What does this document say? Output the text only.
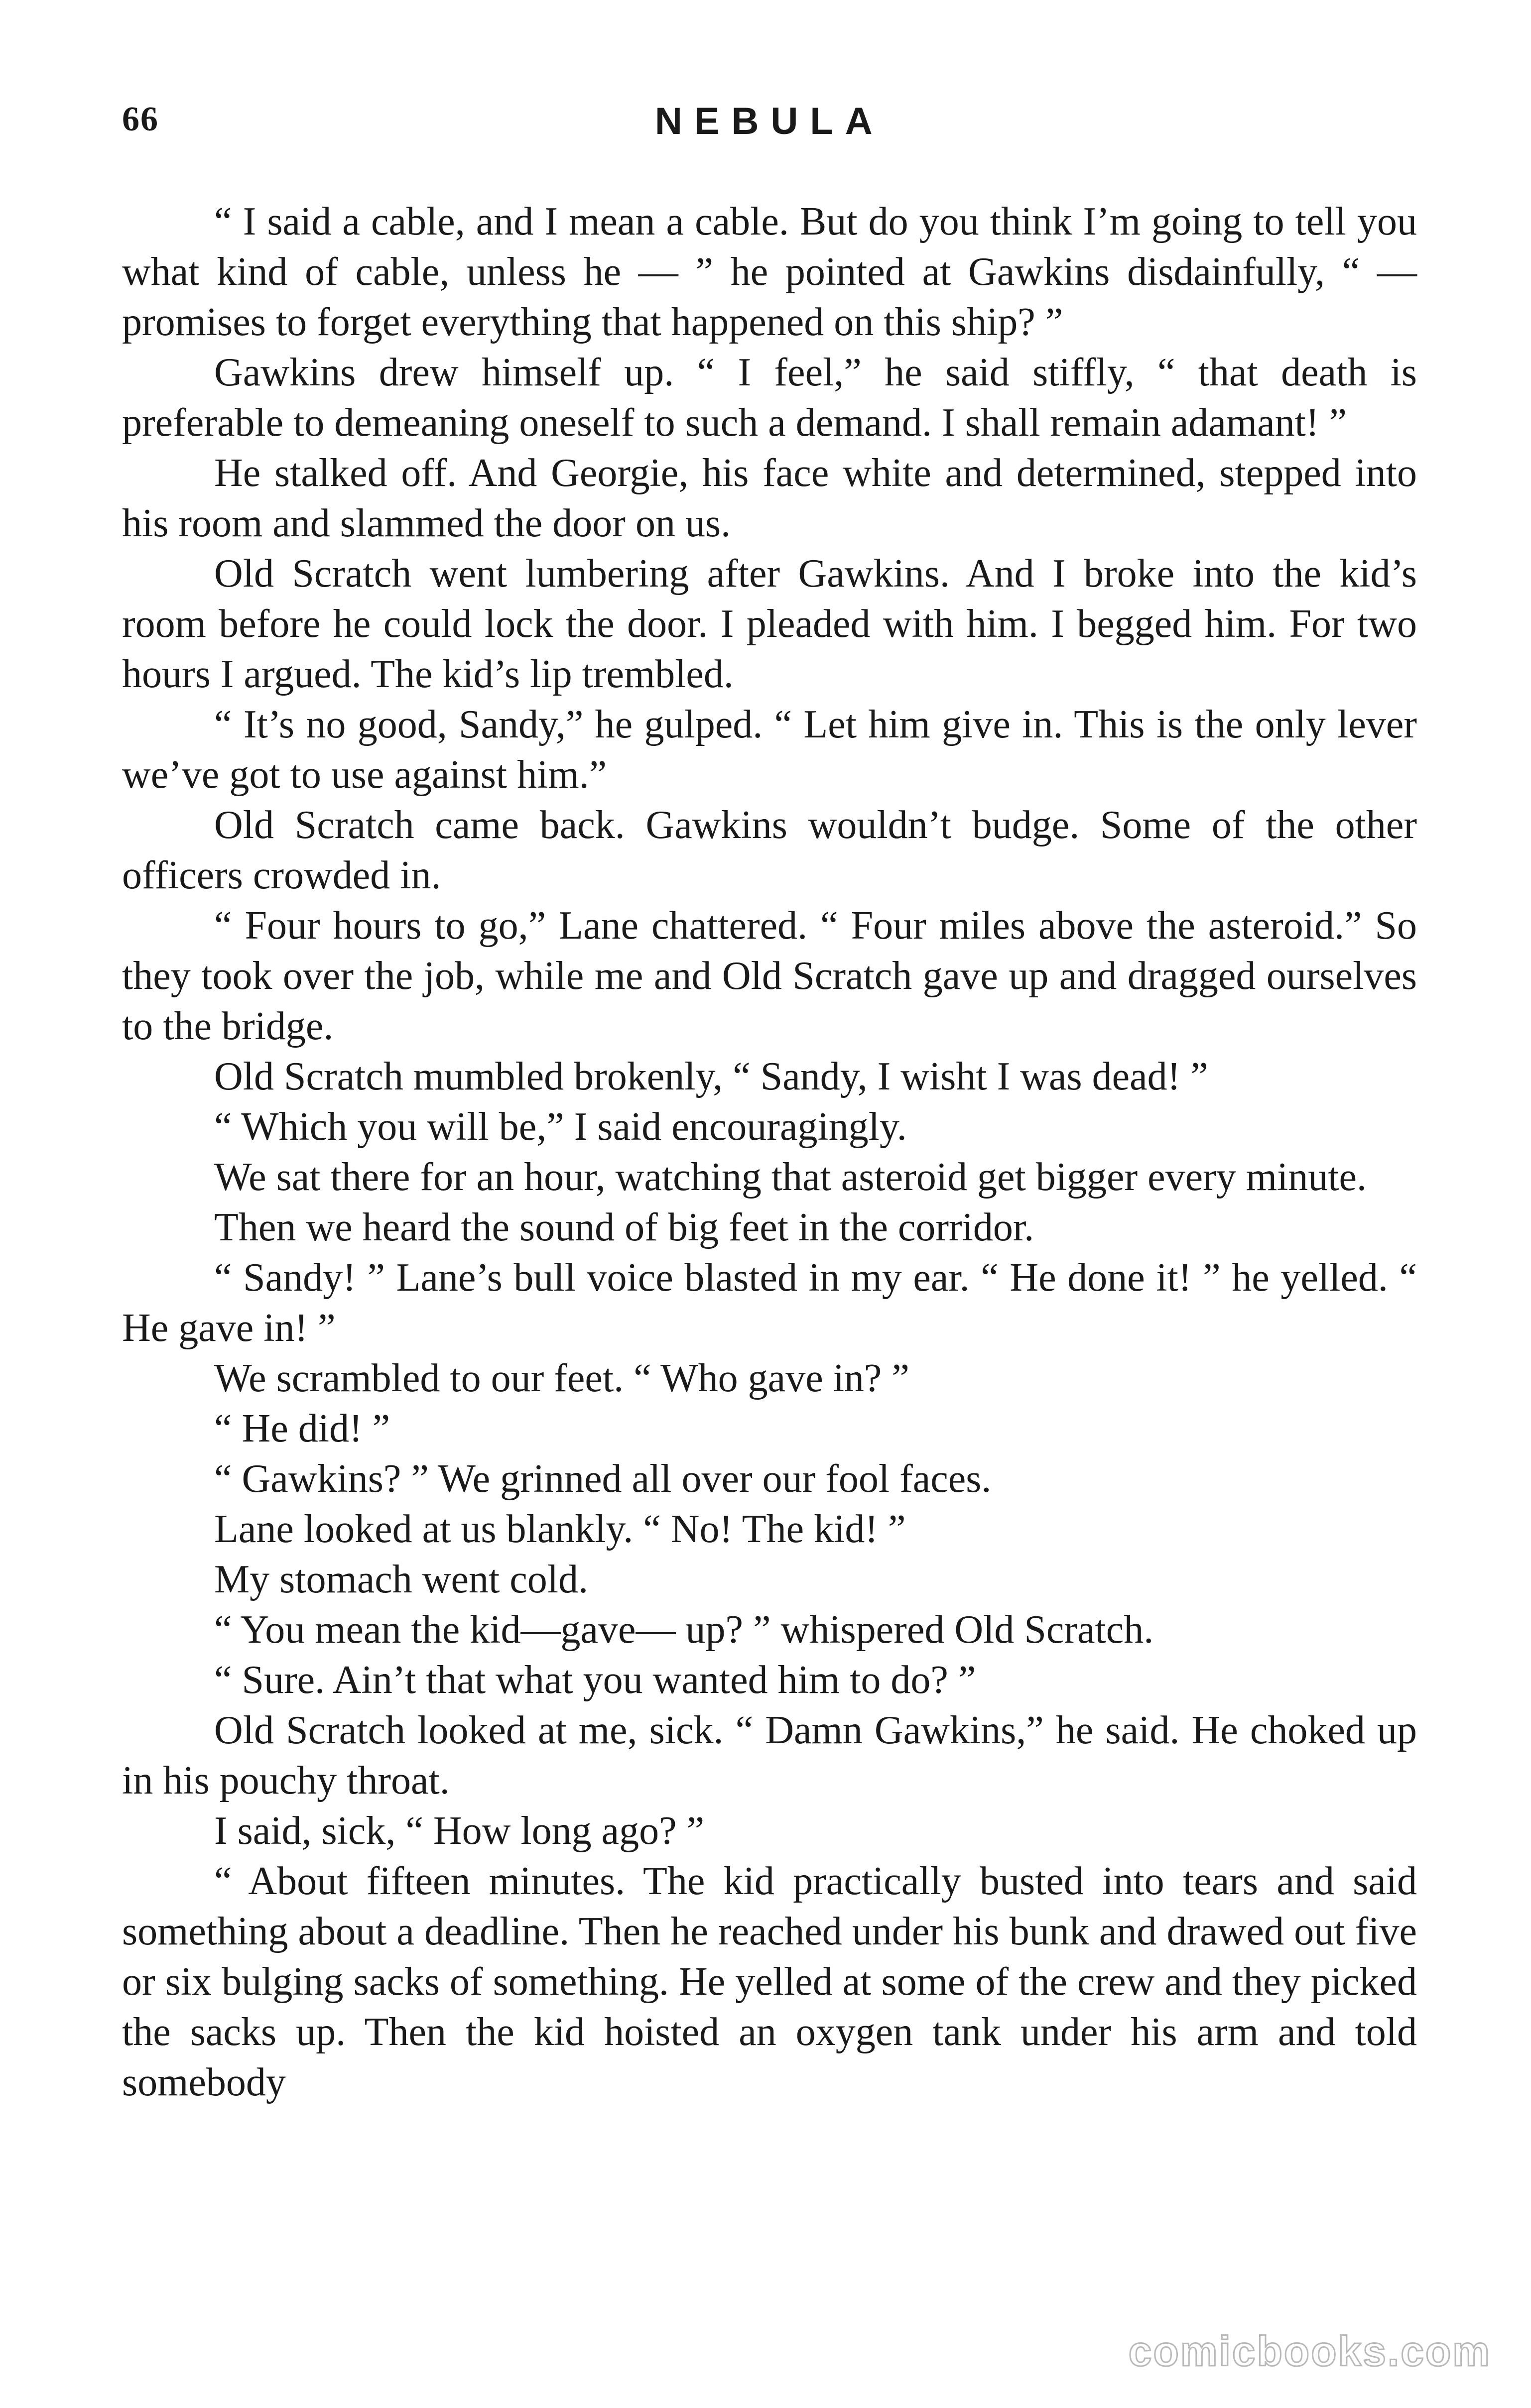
66	NEBULA

“ I said a cable, and I mean a cable. But do you think I’m going to tell you what kind of cable, unless he — ” he pointed at Gawkins disdainfully, “ — promises to forget everything that happened on this ship? ”

Gawkins drew himself up. “ I feel,” he said stiffly, “ that death is preferable to demeaning oneself to such a demand. I shall remain adamant! ”

He stalked off. And Georgie, his face white and determined, stepped into his room and slammed the door on us.

Old Scratch went lumbering after Gawkins. And I broke into the kid’s room before he could lock the door. I pleaded with him. I begged him. For two hours I argued. The kid’s lip trembled.

“ It’s no good, Sandy,” he gulped. “ Let him give in. This is the only lever we’ve got to use against him.”

Old Scratch came back. Gawkins wouldn’t budge. Some of the other officers crowded in.

“ Four hours to go,” Lane chattered. “ Four miles above the asteroid.” So they took over the job, while me and Old Scratch gave up and dragged ourselves to the bridge.

Old Scratch mumbled brokenly, “ Sandy, I wisht I was dead! ”

“ Which you will be,” I said encouragingly.

We sat there for an hour, watching that asteroid get bigger every minute.

Then we heard the sound of big feet in the corridor.

“ Sandy! ” Lane’s bull voice blasted in my ear. “ He done it! ” he yelled. “ He gave in! ”

We scrambled to our feet. “ Who gave in? ”

“ He did! ”

“ Gawkins? ” We grinned all over our fool faces.

Lane looked at us blankly. “ No! The kid! ”

My stomach went cold.

“ You mean the kid—gave— up? ” whispered Old Scratch.

“ Sure. Ain’t that what you wanted him to do? ”

Old Scratch looked at me, sick. “ Damn Gawkins,” he said. He choked up in his pouchy throat.

I said, sick, “ How long ago? ”

“ About fifteen minutes. The kid practically busted into tears and said something about a deadline. Then he reached under his bunk and drawed out five or six bulging sacks of something. He yelled at some of the crew and they picked the sacks up. Then the kid hoisted an oxygen tank under his arm and told somebody

comicbooks.com
